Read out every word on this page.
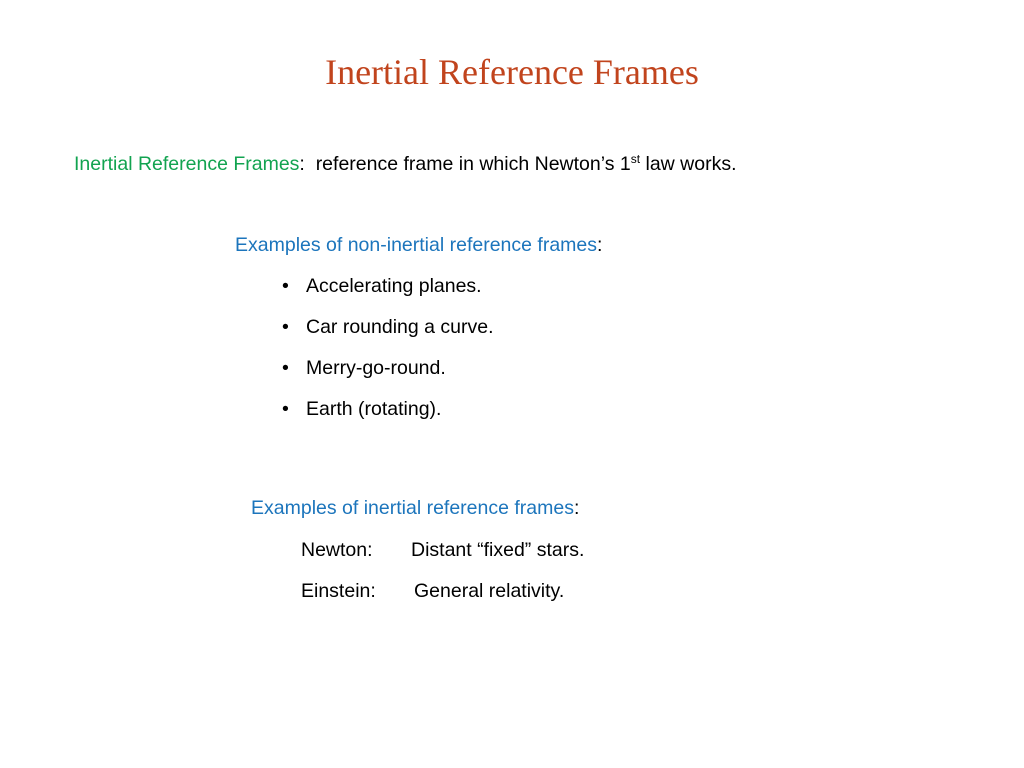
Inertial Reference Frames
Inertial Reference Frames: reference frame in which Newton’s 1st law works.
Examples of non-inertial reference frames:
• Accelerating planes.
• Car rounding a curve.
• Merry-go-round.
• Earth (rotating).
Examples of inertial reference frames:
Newton: Distant “fixed” stars.
Einstein: General relativity.
